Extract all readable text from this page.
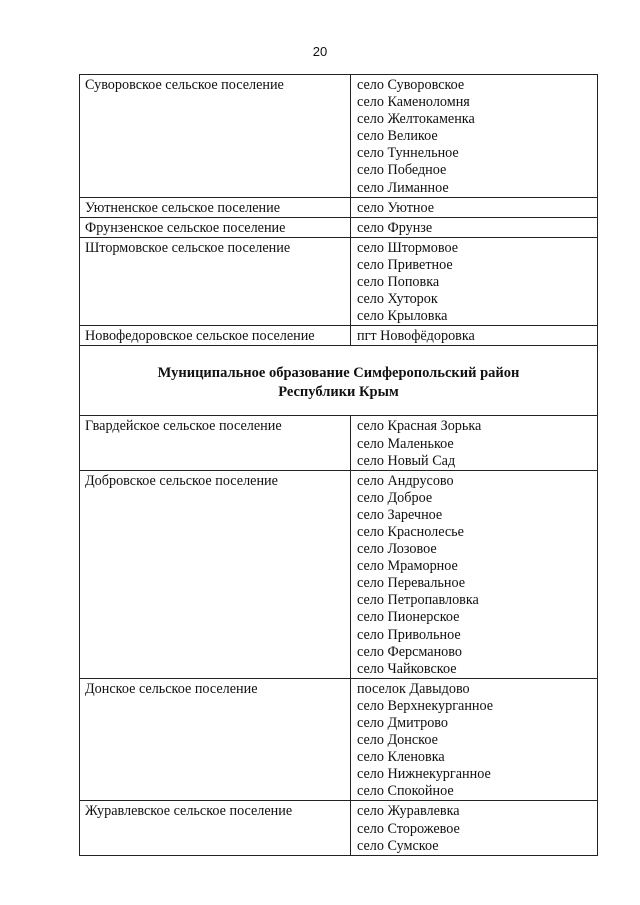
20
Суворовское сельское поселение	село Суворовское
село Каменоломня
село Желтокаменка
село Великое
село Туннельное
село Победное
село Лиманное
Уютненское сельское поселение	село Уютное
Фрунзенское сельское поселение	село Фрунзе
Штормовское сельское поселение	село Штормовое
село Приветное
село Поповка
село Хуторок
село Крыловка
Новофедоровское сельское поселение	пгт Новофёдоровка
Муниципальное образование Симферопольский район
Республики Крым
Гвардейское сельское поселение	село Красная Зорька
село Маленькое
село Новый Сад
Добровское сельское поселение	село Андрусово
село Доброе
село Заречное
село Краснолесье
село Лозовое
село Мраморное
село Перевальное
село Петропавловка
село Пионерское
село Привольное
село Ферсманово
село Чайковское
Донское сельское поселение	поселок Давыдово
село Верхнекурганное
село Дмитрово
село Донское
село Кленовка
село Нижнекурганное
село Спокойное
Журавлевское сельское поселение	село Журавлевка
село Сторожевое
село Сумское
